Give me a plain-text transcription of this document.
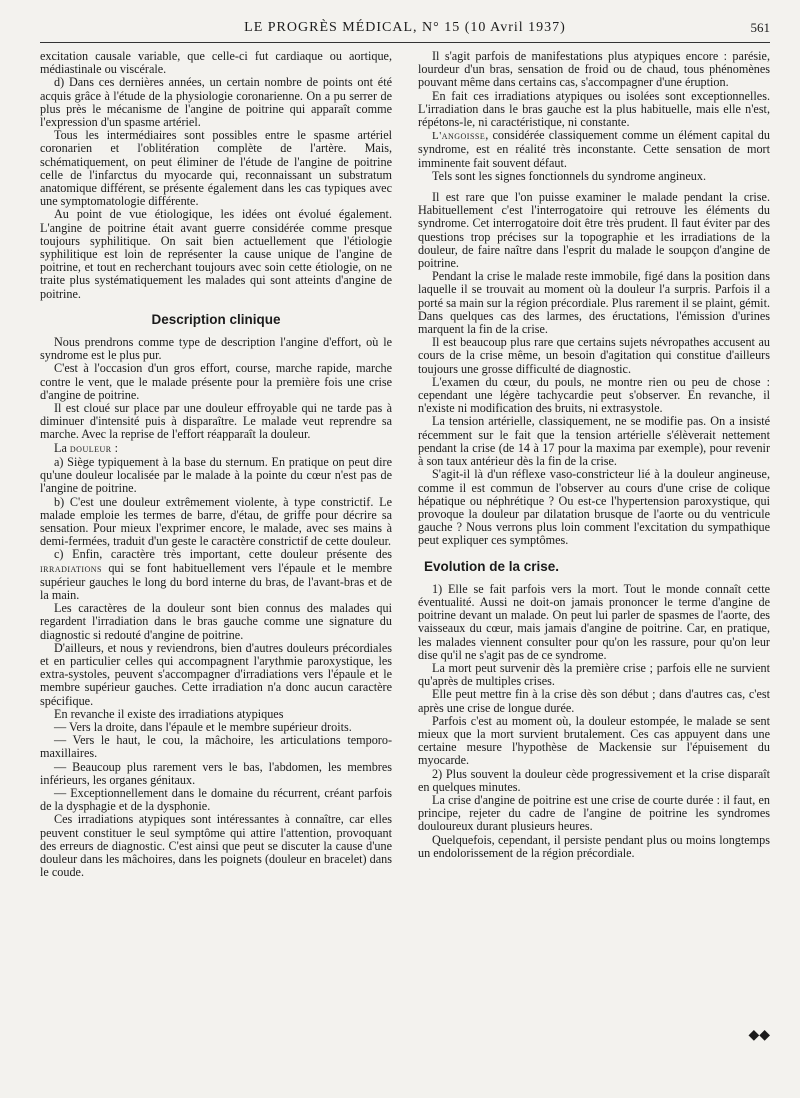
LE PROGRÈS MÉDICAL, N° 15 (10 Avril 1937)	561

excitation causale variable, que celle-ci fut cardiaque ou aortique, médiastinale ou viscérale.

d) Dans ces dernières années, un certain nombre de points ont été acquis grâce à l'étude de la physiologie coronarienne. On a pu serrer de plus près le mécanisme de l'angine de poitrine qui apparaît comme l'expression d'un spasme artériel.

Tous les intermédiaires sont possibles entre le spasme artériel coronarien et l'oblitération complète de l'artère. Mais, schématiquement, on peut éliminer de l'étude de l'angine de poitrine celle de l'infarctus du myocarde qui, reconnaissant un substratum anatomique différent, se présente également dans les cas typiques avec une symptomatologie différente.

Au point de vue étiologique, les idées ont évolué également. L'angine de poitrine était avant guerre considérée comme presque toujours syphilitique. On sait bien actuellement que l'étiologie syphilitique est loin de représenter la cause unique de l'angine de poitrine, et tout en recherchant toujours avec soin cette étiologie, on ne traite plus systématiquement les malades qui sont atteints d'angine de poitrine.

Description clinique

Nous prendrons comme type de description l'angine d'effort, où le syndrome est le plus pur.

C'est à l'occasion d'un gros effort, course, marche rapide, marche contre le vent, que le malade présente pour la première fois une crise d'angine de poitrine.

Il est cloué sur place par une douleur effroyable qui ne tarde pas à diminuer d'intensité puis à disparaître. Le malade veut reprendre sa marche. Avec la reprise de l'effort réapparaît la douleur.

La douleur :

a) Siège typiquement à la base du sternum. En pratique on peut dire qu'une douleur localisée par le malade à la pointe du cœur n'est pas de l'angine de poitrine.

b) C'est une douleur extrêmement violente, à type constrictif. Le malade emploie les termes de barre, d'étau, de griffe pour décrire sa sensation. Pour mieux l'exprimer encore, le malade, avec ses mains à demi-fermées, traduit d'un geste le caractère constrictif de cette douleur.

c) Enfin, caractère très important, cette douleur présente des irradiations qui se font habituellement vers l'épaule et le membre supérieur gauches le long du bord interne du bras, de l'avant-bras et de la main.

Les caractères de la douleur sont bien connus des malades qui regardent l'irradiation dans le bras gauche comme une signature du diagnostic si redouté d'angine de poitrine.

D'ailleurs, et nous y reviendrons, bien d'autres douleurs précordiales et en particulier celles qui accompagnent l'arythmie paroxystique, les extra-systoles, peuvent s'accompagner d'irradiations vers l'épaule et le membre supérieur gauches. Cette irradiation n'a donc aucun caractère spécifique.

En revanche il existe des irradiations atypiques

— Vers la droite, dans l'épaule et le membre supérieur droits.

— Vers le haut, le cou, la mâchoire, les articulations temporo-maxillaires.

— Beaucoup plus rarement vers le bas, l'abdomen, les membres inférieurs, les organes génitaux.

— Exceptionnellement dans le domaine du récurrent, créant parfois de la dysphagie et de la dysphonie.

Ces irradiations atypiques sont intéressantes à connaître, car elles peuvent constituer le seul symptôme qui attire l'attention, provoquant des erreurs de diagnostic. C'est ainsi que peut se discuter la cause d'une douleur dans les mâchoires, dans les poignets (douleur en bracelet) dans le coude.

Il s'agit parfois de manifestations plus atypiques encore : parésie, lourdeur d'un bras, sensation de froid ou de chaud, tous phénomènes pouvant même dans certains cas, s'accompagner d'une éruption.

En fait ces irradiations atypiques ou isolées sont exceptionnelles. L'irradiation dans le bras gauche est la plus habituelle, mais elle n'est, répétons-le, ni caractéristique, ni constante.

L'angoisse, considérée classiquement comme un élément capital du syndrome, est en réalité très inconstante. Cette sensation de mort imminente fait souvent défaut.

Tels sont les signes fonctionnels du syndrome angineux.

Il est rare que l'on puisse examiner le malade pendant la crise. Habituellement c'est l'interrogatoire qui retrouve les éléments du syndrome. Cet interrogatoire doit être très prudent. Il faut éviter par des questions trop précises sur la topographie et les irradiations de la douleur, de faire naître dans l'esprit du malade le soupçon d'angine de poitrine.

Pendant la crise le malade reste immobile, figé dans la position dans laquelle il se trouvait au moment où la douleur l'a surpris. Parfois il a porté sa main sur la région précordiale. Plus rarement il se plaint, gémit. Dans quelques cas des larmes, des éructations, l'émission d'urines marquent la fin de la crise.

Il est beaucoup plus rare que certains sujets névropathes accusent au cours de la crise même, un besoin d'agitation qui constitue d'ailleurs toujours une grosse difficulté de diagnostic.

L'examen du cœur, du pouls, ne montre rien ou peu de chose : cependant une légère tachycardie peut s'observer. En revanche, il n'existe ni modification des bruits, ni extrasystole.

La tension artérielle, classiquement, ne se modifie pas. On a insisté récemment sur le fait que la tension artérielle s'élèverait nettement pendant la crise (de 14 à 17 pour la maxima par exemple), pour revenir à son taux antérieur dès la fin de la crise.

S'agit-il là d'un réflexe vaso-constricteur lié à la douleur angineuse, comme il est commun de l'observer au cours d'une crise de colique hépatique ou néphrétique ? Ou est-ce l'hypertension paroxystique, qui provoque la douleur par dilatation brusque de l'aorte ou du ventricule gauche ? Nous verrons plus loin comment l'excitation du sympathique peut expliquer ces symptômes.

Evolution de la crise.

1) Elle se fait parfois vers la mort. Tout le monde connaît cette éventualité. Aussi ne doit-on jamais prononcer le terme d'angine de poitrine devant un malade. On peut lui parler de spasmes de l'aorte, des vaisseaux du cœur, mais jamais d'angine de poitrine. Car, en pratique, les malades viennent consulter pour qu'on les rassure, pour qu'on leur dise qu'il ne s'agit pas de ce syndrome.

La mort peut survenir dès la première crise ; parfois elle ne survient qu'après de multiples crises.

Elle peut mettre fin à la crise dès son début ; dans d'autres cas, c'est après une crise de longue durée.

Parfois c'est au moment où, la douleur estompée, le malade se sent mieux que la mort survient brutalement. Ces cas appuyent dans une certaine mesure l'hypothèse de Mackensie sur l'épuisement du myocarde.

2) Plus souvent la douleur cède progressivement et la crise disparaît en quelques minutes.

La crise d'angine de poitrine est une crise de courte durée : il faut, en principe, rejeter du cadre de l'angine de poitrine les syndromes douloureux durant plusieurs heures.

Quelquefois, cependant, il persiste pendant plus ou moins longtemps un endolorissement de la région précordiale.

◆◆
